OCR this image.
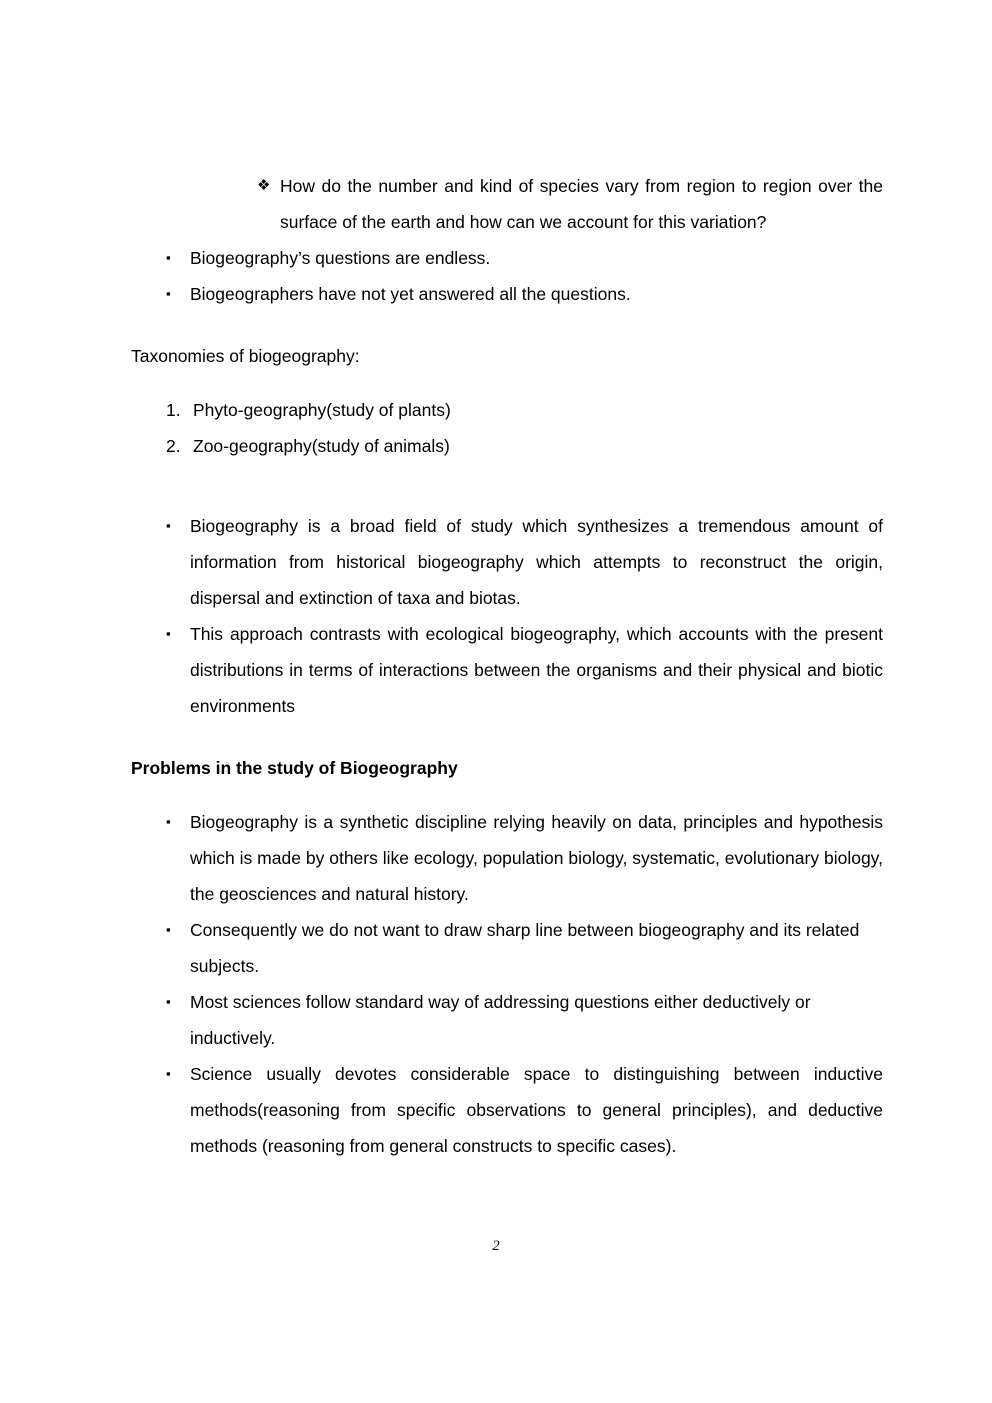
❖ How do the number and kind of species vary from region to region over the surface of the earth and how can we account for this variation?
▪	Biogeography’s questions are endless.
▪	Biogeographers have not yet answered all the questions.

Taxonomies of biogeography:

1. Phyto-geography(study of plants)
2. Zoo-geography(study of animals)
▪	Biogeography is a broad field of study which synthesizes a tremendous amount of information from historical biogeography which attempts to reconstruct the origin, dispersal and extinction of taxa and biotas.
▪	This approach contrasts with ecological biogeography, which accounts with the present distributions in terms of interactions between the organisms and their physical and biotic environments

Problems in the study of Biogeography

▪	Biogeography is a synthetic discipline relying heavily on data, principles and hypothesis which is made by others like ecology, population biology, systematic, evolutionary biology, the geosciences and natural history.
▪	Consequently we do not want to draw sharp line between biogeography and its related subjects.
▪	Most sciences follow standard way of addressing questions either deductively or inductively.
▪	Science usually devotes considerable space to distinguishing between inductive methods(reasoning from specific observations to general principles), and deductive methods (reasoning from general constructs to specific cases).
2
